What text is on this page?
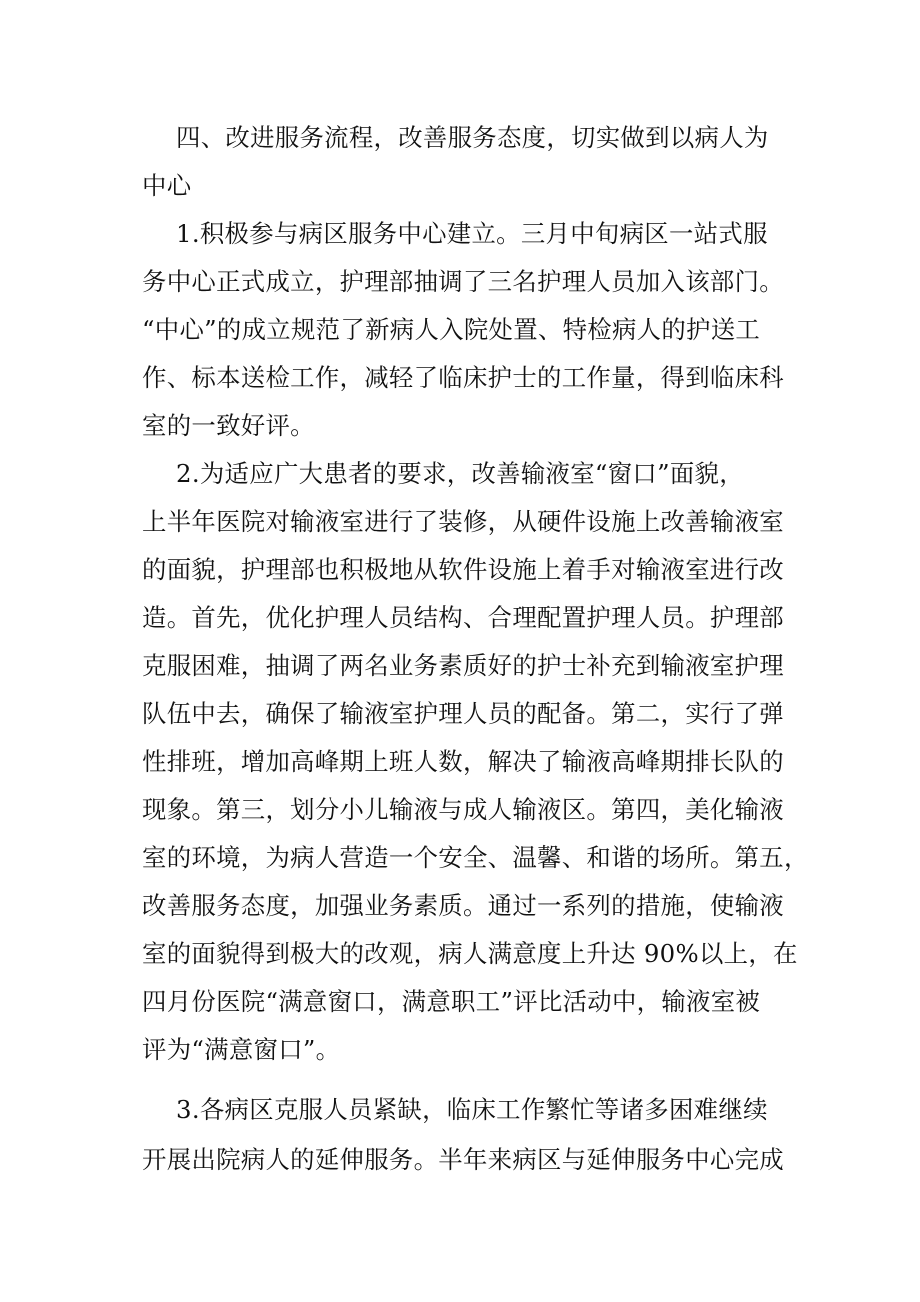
四、改进服务流程，改善服务态度，切实做到以病人为
中心
1.积极参与病区服务中心建立。三月中旬病区一站式服
务中心正式成立，护理部抽调了三名护理人员加入该部门。
“中心”的成立规范了新病人入院处置、特检病人的护送工
作、标本送检工作，减轻了临床护士的工作量，得到临床科
室的一致好评。
2.为适应广大患者的要求，改善输液室“窗口”面貌，
上半年医院对输液室进行了装修，从硬件设施上改善输液室
的面貌，护理部也积极地从软件设施上着手对输液室进行改
造。首先，优化护理人员结构、合理配置护理人员。护理部
克服困难，抽调了两名业务素质好的护士补充到输液室护理
队伍中去，确保了输液室护理人员的配备。第二，实行了弹
性排班，增加高峰期上班人数，解决了输液高峰期排长队的
现象。第三，划分小儿输液与成人输液区。第四，美化输液
室的环境，为病人营造一个安全、温馨、和谐的场所。第五，
改善服务态度，加强业务素质。通过一系列的措施，使输液
室的面貌得到极大的改观，病人满意度上升达 90%以上，在
四月份医院“满意窗口，满意职工”评比活动中，输液室被
评为“满意窗口”。
3.各病区克服人员紧缺，临床工作繁忙等诸多困难继续
开展出院病人的延伸服务。半年来病区与延伸服务中心完成
